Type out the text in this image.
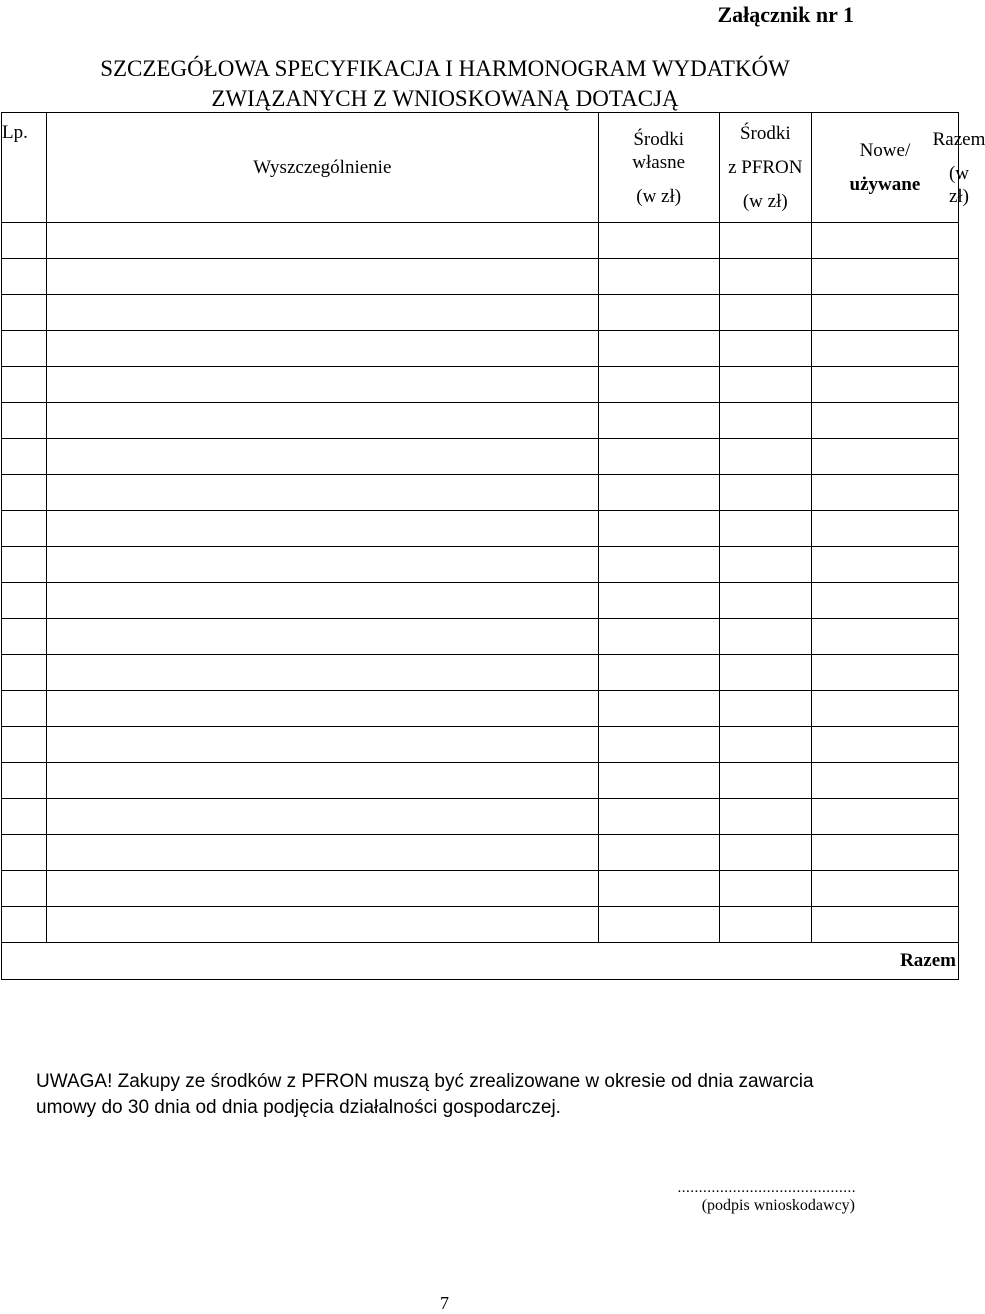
Załącznik nr 1
SZCZEGÓŁOWA SPECYFIKACJA I HARMONOGRAM WYDATKÓW
ZWIĄZANYCH Z WNIOSKOWANĄ DOTACJĄ
Lp.	Wyszczególnienie	Środki
własne
(w zł)	Środki
z PFRON
(w zł)	Nowe/
używane	Razem
(w zł)

Razem					
UWAGA! Zakupy ze środków z PFRON muszą być zrealizowane w okresie od dnia zawarcia umowy do 30 dnia od dnia podjęcia działalności gospodarczej.
..........................................
(podpis wnioskodawcy)
7
